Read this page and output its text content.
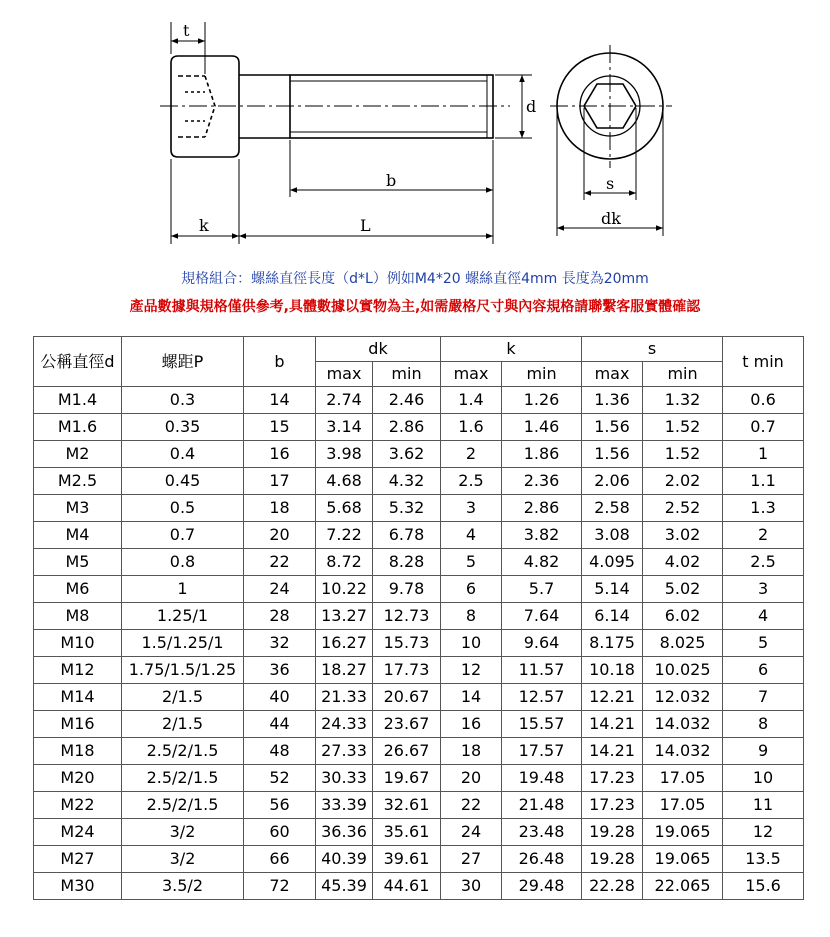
t
d
b
k	L
s
dk
規格組合：螺絲直徑長度（d*L）例如M4*20 螺絲直徑4mm 長度為20mm
產品數據與規格僅供參考,具體數據以實物為主,如需嚴格尺寸與內容規格請聯繫客服實體確認
公稱直徑d	螺距P	b	dk		k		s		t min
			max	min	max	min	max	min	
M1.4	0.3	14	2.74	2.46	1.4	1.26	1.36	1.32	0.6
M1.6	0.35	15	3.14	2.86	1.6	1.46	1.56	1.52	0.7
M2	0.4	16	3.98	3.62	2	1.86	1.56	1.52	1
M2.5	0.45	17	4.68	4.32	2.5	2.36	2.06	2.02	1.1
M3	0.5	18	5.68	5.32	3	2.86	2.58	2.52	1.3
M4	0.7	20	7.22	6.78	4	3.82	3.08	3.02	2
M5	0.8	22	8.72	8.28	5	4.82	4.095	4.02	2.5
M6	1	24	10.22	9.78	6	5.7	5.14	5.02	3
M8	1.25/1	28	13.27	12.73	8	7.64	6.14	6.02	4
M10	1.5/1.25/1	32	16.27	15.73	10	9.64	8.175	8.025	5
M12	1.75/1.5/1.25	36	18.27	17.73	12	11.57	10.18	10.025	6
M14	2/1.5	40	21.33	20.67	14	12.57	12.21	12.032	7
M16	2/1.5	44	24.33	23.67	16	15.57	14.21	14.032	8
M18	2.5/2/1.5	48	27.33	26.67	18	17.57	14.21	14.032	9
M20	2.5/2/1.5	52	30.33	19.67	20	19.48	17.23	17.05	10
M22	2.5/2/1.5	56	33.39	32.61	22	21.48	17.23	17.05	11
M24	3/2	60	36.36	35.61	24	23.48	19.28	19.065	12
M27	3/2	66	40.39	39.61	27	26.48	19.28	19.065	13.5
M30	3.5/2	72	45.39	44.61	30	29.48	22.28	22.065	15.6
